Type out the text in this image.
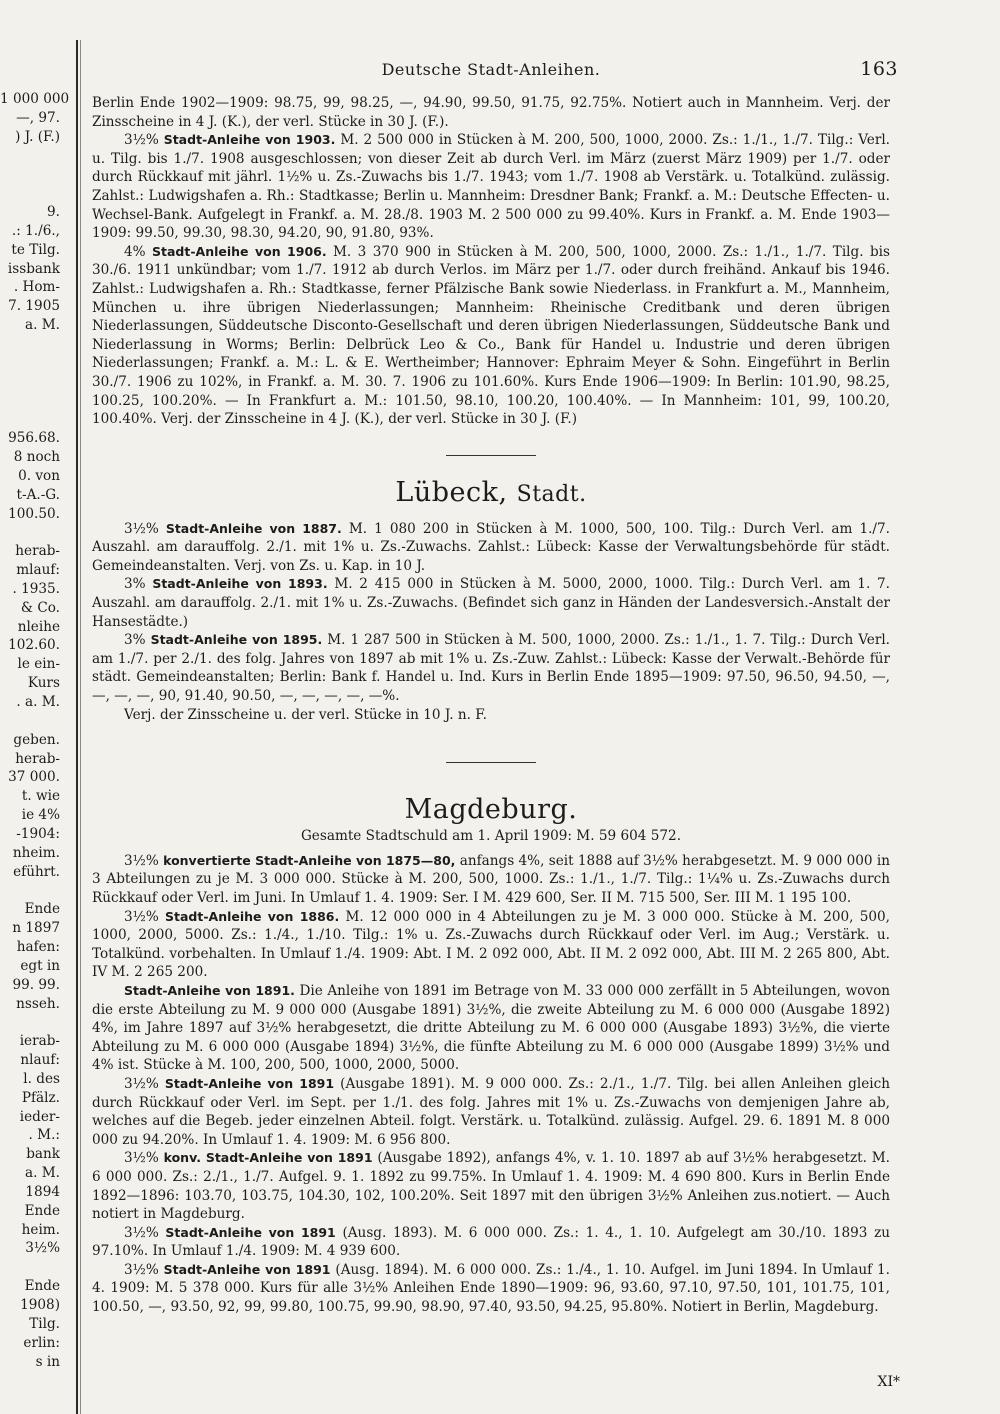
1 000 000
—, 97.
) J. (F.)
9.
.: 1./6.,
te Tilg.
issbank
. Hom-
7. 1905
a. M.
956.68.
8 noch
0. von
t-A.-G.
100.50.
herab-
mlauf:
. 1935.
& Co.
nleihe
102.60.
le ein-
Kurs
. a. M.
geben.
herab-
37 000.
t. wie
ie 4%
-1904:
nheim.
eführt.
Ende
n 1897
hafen:
egt in
99. 99.
nsseh.
ierab-
nlauf:
l. des
Pfälz.
ieder-
. M.:
bank
a. M.
1894
Ende
heim.
3½%
Ende
1908)
Tilg.
erlin:
s in
Deutsche Stadt-Anleihen.	163

Berlin Ende 1902—1909: 98.75, 99, 98.25, —, 94.90, 99.50, 91.75, 92.75%. Notiert auch in Mannheim. Verj. der Zinsscheine in 4 J. (K.), der verl. Stücke in 30 J. (F.).

3½% Stadt-Anleihe von 1903. M. 2 500 000 in Stücken à M. 200, 500, 1000, 2000. Zs.: 1./1., 1./7. Tilg.: Verl. u. Tilg. bis 1./7. 1908 ausgeschlossen; von dieser Zeit ab durch Verl. im März (zuerst März 1909) per 1./7. oder durch Rückkauf mit jährl. 1½% u. Zs.-Zuwachs bis 1./7. 1943; vom 1./7. 1908 ab Verstärk. u. Totalkünd. zulässig. Zahlst.: Ludwigshafen a. Rh.: Stadtkasse; Berlin u. Mannheim: Dresdner Bank; Frankf. a. M.: Deutsche Effecten- u. Wechsel-Bank. Aufgelegt in Frankf. a. M. 28./8. 1903 M. 2 500 000 zu 99.40%. Kurs in Frankf. a. M. Ende 1903—1909: 99.50, 99.30, 98.30, 94.20, 90, 91.80, 93%.

4% Stadt-Anleihe von 1906. M. 3 370 900 in Stücken à M. 200, 500, 1000, 2000. Zs.: 1./1., 1./7. Tilg. bis 30./6. 1911 unkündbar; vom 1./7. 1912 ab durch Verlos. im März per 1./7. oder durch freihänd. Ankauf bis 1946. Zahlst.: Ludwigshafen a. Rh.: Stadtkasse, ferner Pfälzische Bank sowie Niederlass. in Frankfurt a. M., Mannheim, München u. ihre übrigen Niederlassungen; Mannheim: Rheinische Creditbank und deren übrigen Niederlassungen, Süddeutsche Disconto-Gesellschaft und deren übrigen Niederlassungen, Süddeutsche Bank und Niederlassung in Worms; Berlin: Delbrück Leo & Co., Bank für Handel u. Industrie und deren übrigen Niederlassungen; Frankf. a. M.: L. & E. Wertheimber; Hannover: Ephraim Meyer & Sohn. Eingeführt in Berlin 30./7. 1906 zu 102%, in Frankf. a. M. 30. 7. 1906 zu 101.60%. Kurs Ende 1906—1909: In Berlin: 101.90, 98.25, 100.25, 100.20%. — In Frankfurt a. M.: 101.50, 98.10, 100.20, 100.40%. — In Mannheim: 101, 99, 100.20, 100.40%. Verj. der Zinsscheine in 4 J. (K.), der verl. Stücke in 30 J. (F.)

Lübeck, Stadt.

3½% Stadt-Anleihe von 1887. M. 1 080 200 in Stücken à M. 1000, 500, 100. Tilg.: Durch Verl. am 1./7. Auszahl. am darauffolg. 2./1. mit 1% u. Zs.-Zuwachs. Zahlst.: Lübeck: Kasse der Verwaltungsbehörde für städt. Gemeindeanstalten. Verj. von Zs. u. Kap. in 10 J.

3% Stadt-Anleihe von 1893. M. 2 415 000 in Stücken à M. 5000, 2000, 1000. Tilg.: Durch Verl. am 1. 7. Auszahl. am darauffolg. 2./1. mit 1% u. Zs.-Zuwachs. (Befindet sich ganz in Händen der Landesversich.-Anstalt der Hansestädte.)

3% Stadt-Anleihe von 1895. M. 1 287 500 in Stücken à M. 500, 1000, 2000. Zs.: 1./1., 1. 7. Tilg.: Durch Verl. am 1./7. per 2./1. des folg. Jahres von 1897 ab mit 1% u. Zs.-Zuw. Zahlst.: Lübeck: Kasse der Verwalt.-Behörde für städt. Gemeindeanstalten; Berlin: Bank f. Handel u. Ind. Kurs in Berlin Ende 1895—1909: 97.50, 96.50, 94.50, —, —, —, —, 90, 91.40, 90.50, —, —, —, —, —%.

Verj. der Zinsscheine u. der verl. Stücke in 10 J. n. F.

Magdeburg.
Gesamte Stadtschuld am 1. April 1909: M. 59 604 572.

3½% konvertierte Stadt-Anleihe von 1875—80, anfangs 4%, seit 1888 auf 3½% herabgesetzt. M. 9 000 000 in 3 Abteilungen zu je M. 3 000 000. Stücke à M. 200, 500, 1000. Zs.: 1./1., 1./7. Tilg.: 1¼% u. Zs.-Zuwachs durch Rückkauf oder Verl. im Juni. In Umlauf 1. 4. 1909: Ser. I M. 429 600, Ser. II M. 715 500, Ser. III M. 1 195 100.

3½% Stadt-Anleihe von 1886. M. 12 000 000 in 4 Abteilungen zu je M. 3 000 000. Stücke à M. 200, 500, 1000, 2000, 5000. Zs.: 1./4., 1./10. Tilg.: 1% u. Zs.-Zuwachs durch Rückkauf oder Verl. im Aug.; Verstärk. u. Totalkünd. vorbehalten. In Umlauf 1./4. 1909: Abt. I M. 2 092 000, Abt. II M. 2 092 000, Abt. III M. 2 265 800, Abt. IV M. 2 265 200.

Stadt-Anleihe von 1891. Die Anleihe von 1891 im Betrage von M. 33 000 000 zerfällt in 5 Abteilungen, wovon die erste Abteilung zu M. 9 000 000 (Ausgabe 1891) 3½%, die zweite Abteilung zu M. 6 000 000 (Ausgabe 1892) 4%, im Jahre 1897 auf 3½% herabgesetzt, die dritte Abteilung zu M. 6 000 000 (Ausgabe 1893) 3½%, die vierte Abteilung zu M. 6 000 000 (Ausgabe 1894) 3½%, die fünfte Abteilung zu M. 6 000 000 (Ausgabe 1899) 3½% und 4% ist. Stücke à M. 100, 200, 500, 1000, 2000, 5000.

3½% Stadt-Anleihe von 1891 (Ausgabe 1891). M. 9 000 000. Zs.: 2./1., 1./7. Tilg. bei allen Anleihen gleich durch Rückkauf oder Verl. im Sept. per 1./1. des folg. Jahres mit 1% u. Zs.-Zuwachs von demjenigen Jahre ab, welches auf die Begeb. jeder einzelnen Abteil. folgt. Verstärk. u. Totalkünd. zulässig. Aufgel. 29. 6. 1891 M. 8 000 000 zu 94.20%. In Umlauf 1. 4. 1909: M. 6 956 800.

3½% konv. Stadt-Anleihe von 1891 (Ausgabe 1892), anfangs 4%, v. 1. 10. 1897 ab auf 3½% herabgesetzt. M. 6 000 000. Zs.: 2./1., 1./7. Aufgel. 9. 1. 1892 zu 99.75%. In Umlauf 1. 4. 1909: M. 4 690 800. Kurs in Berlin Ende 1892—1896: 103.70, 103.75, 104.30, 102, 100.20%. Seit 1897 mit den übrigen 3½% Anleihen zus.notiert. — Auch notiert in Magdeburg.

3½% Stadt-Anleihe von 1891 (Ausg. 1893). M. 6 000 000. Zs.: 1. 4., 1. 10. Aufgelegt am 30./10. 1893 zu 97.10%. In Umlauf 1./4. 1909: M. 4 939 600.

3½% Stadt-Anleihe von 1891 (Ausg. 1894). M. 6 000 000. Zs.: 1./4., 1. 10. Aufgel. im Juni 1894. In Umlauf 1. 4. 1909: M. 5 378 000. Kurs für alle 3½% Anleihen Ende 1890—1909: 96, 93.60, 97.10, 97.50, 101, 101.75, 101, 100.50, —, 93.50, 92, 99, 99.80, 100.75, 99.90, 98.90, 97.40, 93.50, 94.25, 95.80%. Notiert in Berlin, Magdeburg.

XI*
